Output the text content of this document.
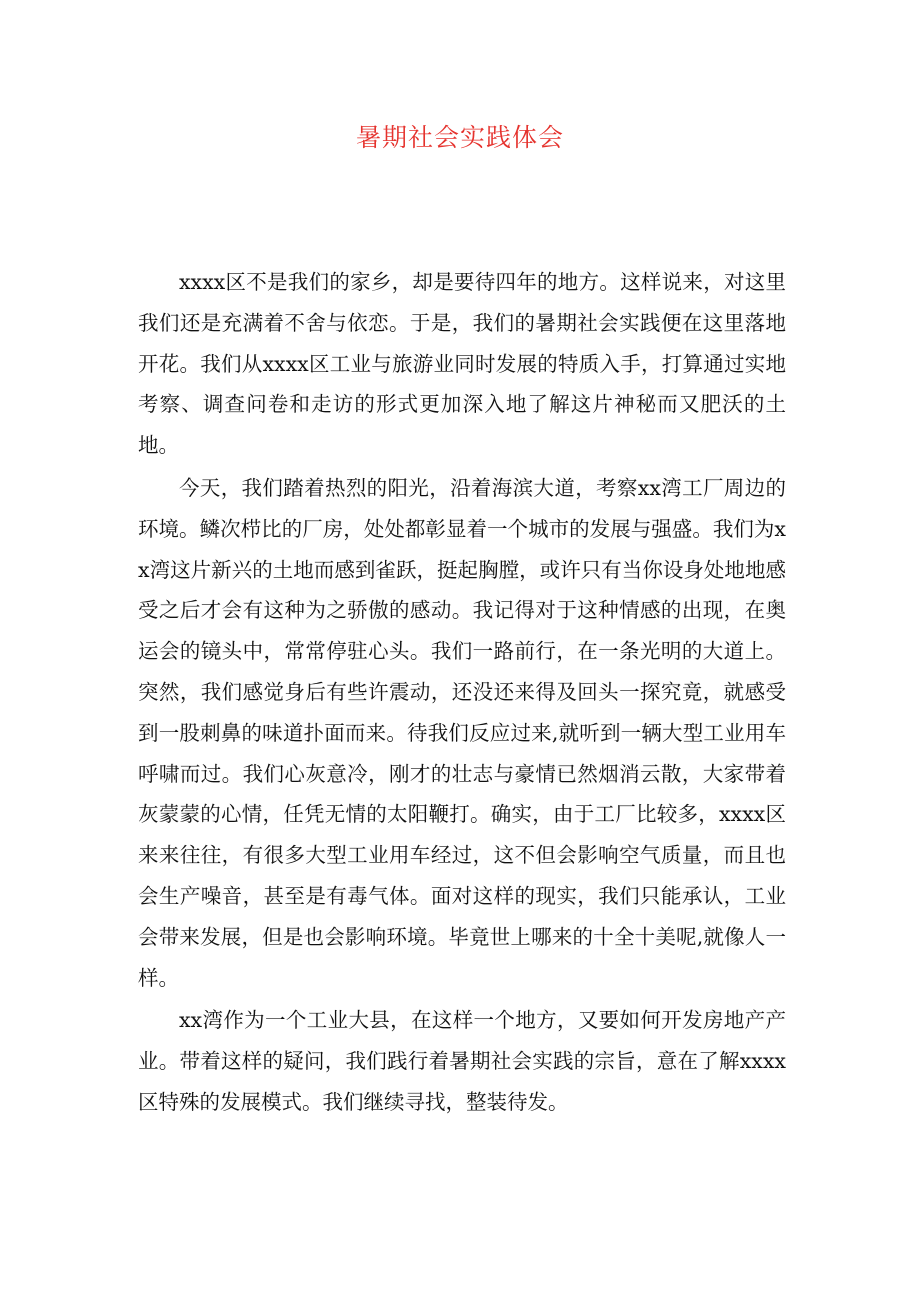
暑期社会实践体会

xxxx区不是我们的家乡，却是要待四年的地方。这样说来，对这里我们还是充满着不舍与依恋。于是，我们的暑期社会实践便在这里落地开花。我们从xxxx区工业与旅游业同时发展的特质入手，打算通过实地考察、调查问卷和走访的形式更加深入地了解这片神秘而又肥沃的土地。

今天，我们踏着热烈的阳光，沿着海滨大道，考察xx湾工厂周边的环境。鳞次栉比的厂房，处处都彰显着一个城市的发展与强盛。我们为xx湾这片新兴的土地而感到雀跃，挺起胸膛，或许只有当你设身处地地感受之后才会有这种为之骄傲的感动。我记得对于这种情感的出现，在奥运会的镜头中，常常停驻心头。我们一路前行，在一条光明的大道上。突然，我们感觉身后有些许震动，还没还来得及回头一探究竟，就感受到一股刺鼻的味道扑面而来。待我们反应过来,就听到一辆大型工业用车呼啸而过。我们心灰意冷，刚才的壮志与豪情已然烟消云散，大家带着灰蒙蒙的心情，任凭无情的太阳鞭打。确实，由于工厂比较多，xxxx区来来往往，有很多大型工业用车经过，这不但会影响空气质量，而且也会生产噪音，甚至是有毒气体。面对这样的现实，我们只能承认，工业会带来发展，但是也会影响环境。毕竟世上哪来的十全十美呢,就像人一样。

xx湾作为一个工业大县，在这样一个地方，又要如何开发房地产产业。带着这样的疑问，我们践行着暑期社会实践的宗旨，意在了解xxxx区特殊的发展模式。我们继续寻找，整装待发。
